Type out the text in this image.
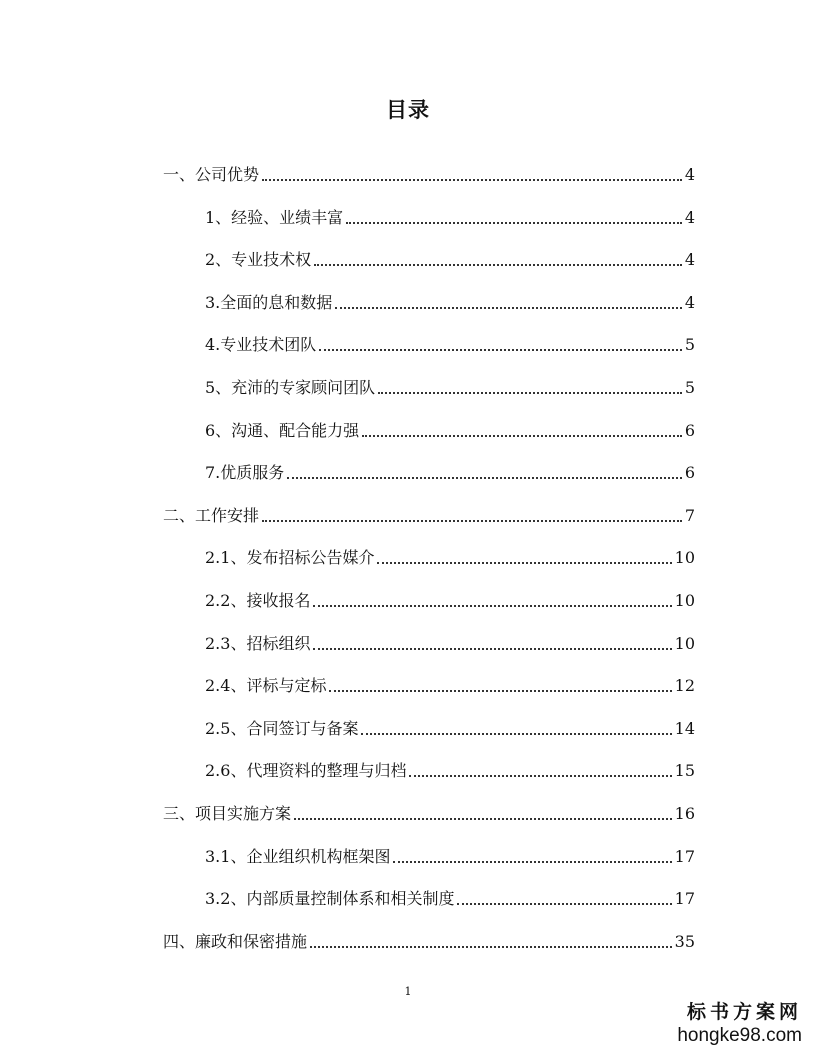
目录
一、公司优势	4
1、经验、业绩丰富	4
2、专业技术权	4
3.全面的息和数据	4
4.专业技术团队	5
5、充沛的专家顾问团队	5
6、沟通、配合能力强	6
7.优质服务	6
二、工作安排	7
2.1、发布招标公告媒介	10
2.2、接收报名	10
2.3、招标组织	10
2.4、评标与定标	12
2.5、合同签订与备案	14
2.6、代理资料的整理与归档	15
三、项目实施方案	16
3.1、企业组织机构框架图	17
3.2、内部质量控制体系和相关制度	17
四、廉政和保密措施	35
1
标书方案网
hongke98.com
